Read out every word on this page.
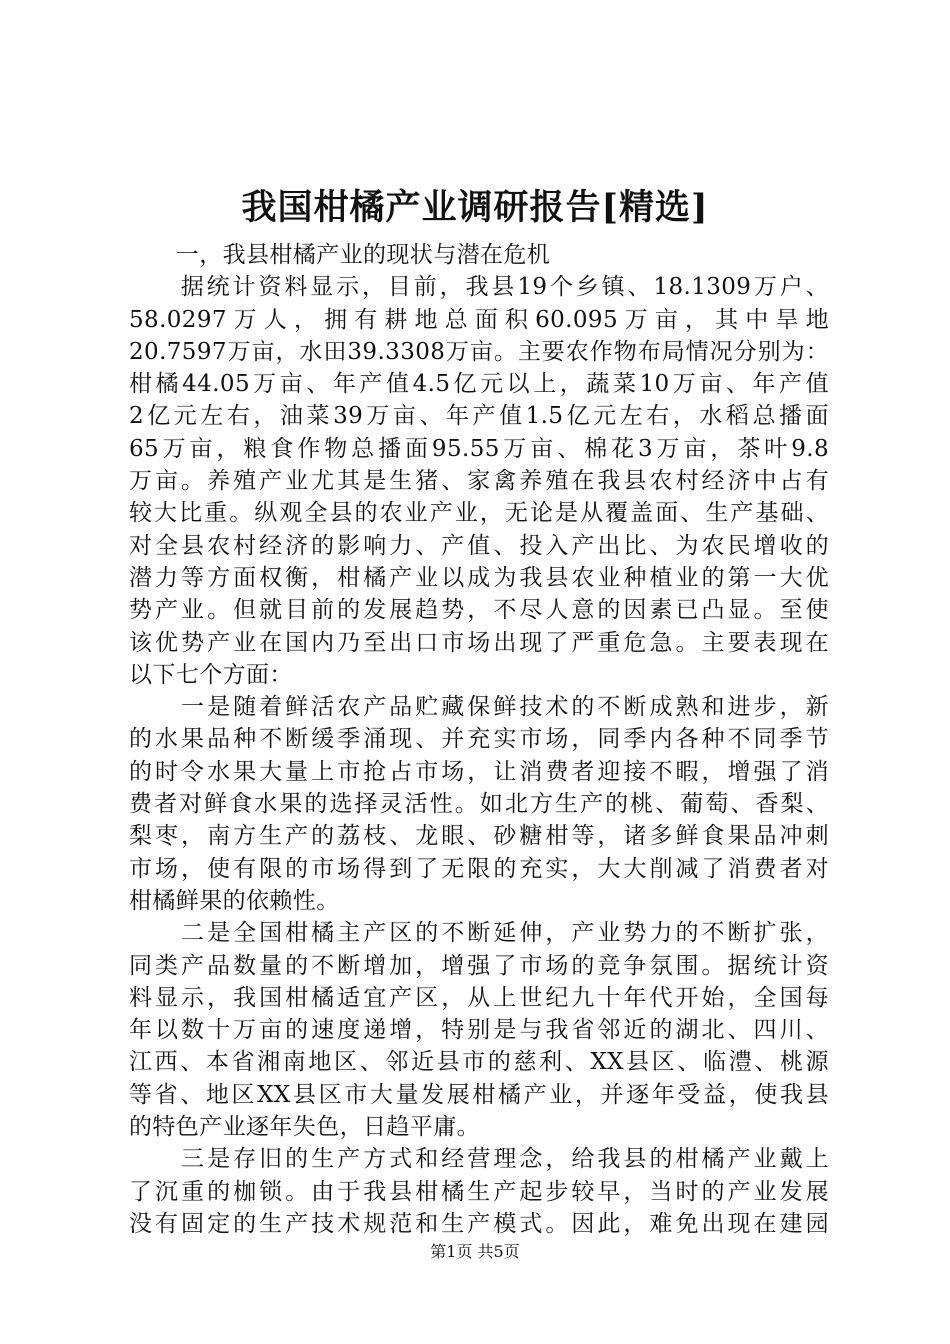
我国柑橘产业调研报告[精选]
　　一，我县柑橘产业的现状与潜在危机
　　据统计资料显示，目前，我县19个乡镇、18.1309万户、
58.0297万人，拥有耕地总面积60.095万亩，其中旱地
20.7597万亩，水田39.3308万亩。主要农作物布局情况分别为：
柑橘44.05万亩、年产值4.5亿元以上，蔬菜10万亩、年产值
2亿元左右，油菜39万亩、年产值1.5亿元左右，水稻总播面
65万亩，粮食作物总播面95.55万亩、棉花3万亩，茶叶9.8
万亩。养殖产业尤其是生猪、家禽养殖在我县农村经济中占有
较大比重。纵观全县的农业产业，无论是从覆盖面、生产基础、
对全县农村经济的影响力、产值、投入产出比、为农民增收的
潜力等方面权衡，柑橘产业以成为我县农业种植业的第一大优
势产业。但就目前的发展趋势，不尽人意的因素已凸显。至使
该优势产业在国内乃至出口市场出现了严重危急。主要表现在
以下七个方面：
　　一是随着鲜活农产品贮藏保鲜技术的不断成熟和进步，新
的水果品种不断缓季涌现、并充实市场，同季内各种不同季节
的时令水果大量上市抢占市场，让消费者迎接不暇，增强了消
费者对鲜食水果的选择灵活性。如北方生产的桃、葡萄、香梨、
梨枣，南方生产的荔枝、龙眼、砂糖柑等，诸多鲜食果品冲刺
市场，使有限的市场得到了无限的充实，大大削减了消费者对
柑橘鲜果的依赖性。
　　二是全国柑橘主产区的不断延伸，产业势力的不断扩张，
同类产品数量的不断增加，增强了市场的竞争氛围。据统计资
料显示，我国柑橘适宜产区，从上世纪九十年代开始，全国每
年以数十万亩的速度递增，特别是与我省邻近的湖北、四川、
江西、本省湘南地区、邻近县市的慈利、XX县区、临澧、桃源
等省、地区XX县区市大量发展柑橘产业，并逐年受益，使我县
的特色产业逐年失色，日趋平庸。
　　三是存旧的生产方式和经营理念，给我县的柑橘产业戴上
了沉重的枷锁。由于我县柑橘生产起步较早，当时的产业发展
没有固定的生产技术规范和生产模式。因此，难免出现在建园
第1页 共5页
